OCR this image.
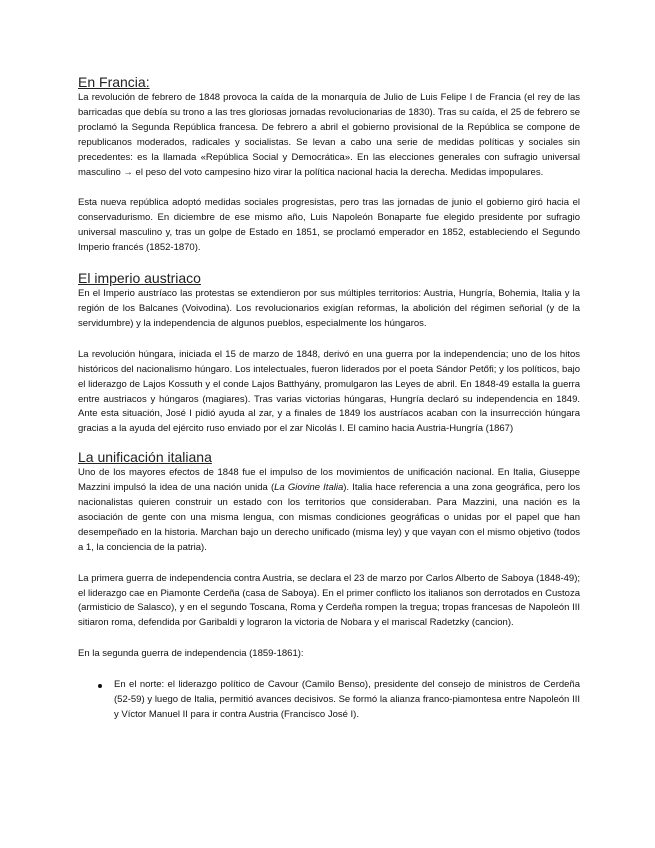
En Francia:

La revolución de febrero de 1848 provoca la caída de la monarquía de Julio de Luis Felipe I de Francia (el rey de las barricadas que debía su trono a las tres gloriosas jornadas revolucionarias de 1830). Tras su caída, el 25 de febrero se proclamó la Segunda República francesa. De febrero a abril el gobierno provisional de la República se compone de republicanos moderados, radicales y socialistas. Se levan a cabo una serie de medidas políticas y sociales sin precedentes: es la llamada «República Social y Democrática». En las elecciones generales con sufragio universal masculino → el peso del voto campesino hizo virar la política nacional hacia la derecha. Medidas impopulares.

Esta nueva república adoptó medidas sociales progresistas, pero tras las jornadas de junio el gobierno giró hacia el conservadurismo. En diciembre de ese mismo año, Luis Napoleón Bonaparte fue elegido presidente por sufragio universal masculino y, tras un golpe de Estado en 1851, se proclamó emperador en 1852, estableciendo el Segundo Imperio francés (1852-1870).

El imperio austriaco

En el Imperio austríaco las protestas se extendieron por sus múltiples territorios: Austria, Hungría, Bohemia, Italia y la región de los Balcanes (Voivodina). Los revolucionarios exigían reformas, la abolición del régimen señorial (y de la servidumbre) y la independencia de algunos pueblos, especialmente los húngaros.

La revolución húngara, iniciada el 15 de marzo de 1848, derivó en una guerra por la independencia; uno de los hitos históricos del nacionalismo húngaro. Los intelectuales, fueron liderados por el poeta Sándor Petőfi; y los políticos, bajo el liderazgo de Lajos Kossuth y el conde Lajos Batthyány, promulgaron las Leyes de abril. En 1848-49 estalla la guerra entre austriacos y húngaros (magiares). Tras varias victorias húngaras, Hungría declaró su independencia en 1849. Ante esta situación, José I pidió ayuda al zar, y a finales de 1849 los austríacos acaban con la insurrección húngara gracias a la ayuda del ejército ruso enviado por el zar Nicolás I. El camino hacia Austria-Hungría (1867)

La unificación italiana

Uno de los mayores efectos de 1848 fue el impulso de los movimientos de unificación nacional. En Italia, Giuseppe Mazzini impulsó la idea de una nación unida (La Giovine Italia). Italia hace referencia a una zona geográfica, pero los nacionalistas quieren construir un estado con los territorios que consideraban. Para Mazzini, una nación es la asociación de gente con una misma lengua, con mismas condiciones geográficas o unidas por el papel que han desempeñado en la historia. Marchan bajo un derecho unificado (misma ley) y que vayan con el mismo objetivo (todos a 1, la conciencia de la patria).

La primera guerra de independencia contra Austria, se declara el 23 de marzo por Carlos Alberto de Saboya (1848-49); el liderazgo cae en Piamonte Cerdeña (casa de Saboya). En el primer conflicto los italianos son derrotados en Custoza (armisticio de Salasco), y en el segundo Toscana, Roma y Cerdeña rompen la tregua; tropas francesas de Napoleón III sitiaron roma, defendida por Garibaldi y lograron la victoria de Nobara y el mariscal Radetzky (cancion).

En la segunda guerra de independencia (1859-1861):

En el norte: el liderazgo político de Cavour (Camilo Benso), presidente del consejo de ministros de Cerdeña (52-59) y luego de Italia, permitió avances decisivos. Se formó la alianza franco-piamontesa entre Napoleón III y Víctor Manuel II para ir contra Austria (Francisco José I).
